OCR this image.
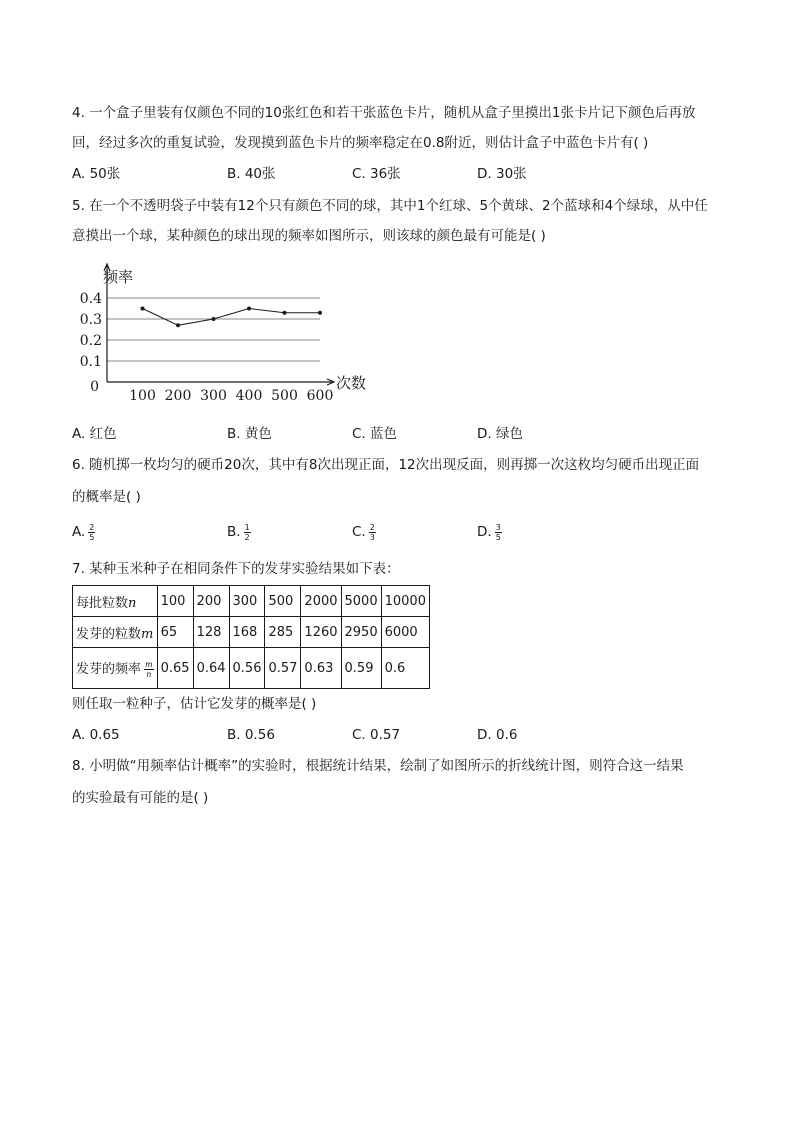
4. 一个盒子里装有仅颜色不同的10张红色和若干张蓝色卡片，随机从盒子里摸出1张卡片记下颜色后再放
回，经过多次的重复试验，发现摸到蓝色卡片的频率稳定在0.8附近，则估计盒子中蓝色卡片有( )
A. 50张	B. 40张	C. 36张	D. 30张
5. 在一个不透明袋子中装有12个只有颜色不同的球，其中1个红球、5个黄球、2个蓝球和4个绿球，从中任
意摸出一个球，某种颜色的球出现的频率如图所示，则该球的颜色最有可能是( )
0.4
0.3
0.2
0.1
频率
次数
0
100 200 300 400 500 600
A. 红色	B. 黄色	C. 蓝色	D. 绿色
6. 随机掷一枚均匀的硬币20次，其中有8次出现正面，12次出现反面，则再掷一次这枚均匀硬币出现正面
的概率是( )
A. $\frac{2}{5}$	B. $\frac{1}{2}$	C. $\frac{2}{3}$	D. $\frac{3}{5}$
7. 某种玉米种子在相同条件下的发芽实验结果如下表：
每批粒数n	100	200	300	500	2000	5000	10000
发芽的粒数m	65	128	168	285	1260	2950	6000
发芽的频率 $\frac{m}{n}$	0.65	0.64	0.56	0.57	0.63	0.59	0.6
则任取一粒种子，估计它发芽的概率是( )
A. 0.65	B. 0.56	C. 0.57	D. 0.6
8. 小明做“用频率估计概率”的实验时，根据统计结果，绘制了如图所示的折线统计图，则符合这一结果
的实验最有可能的是( )
